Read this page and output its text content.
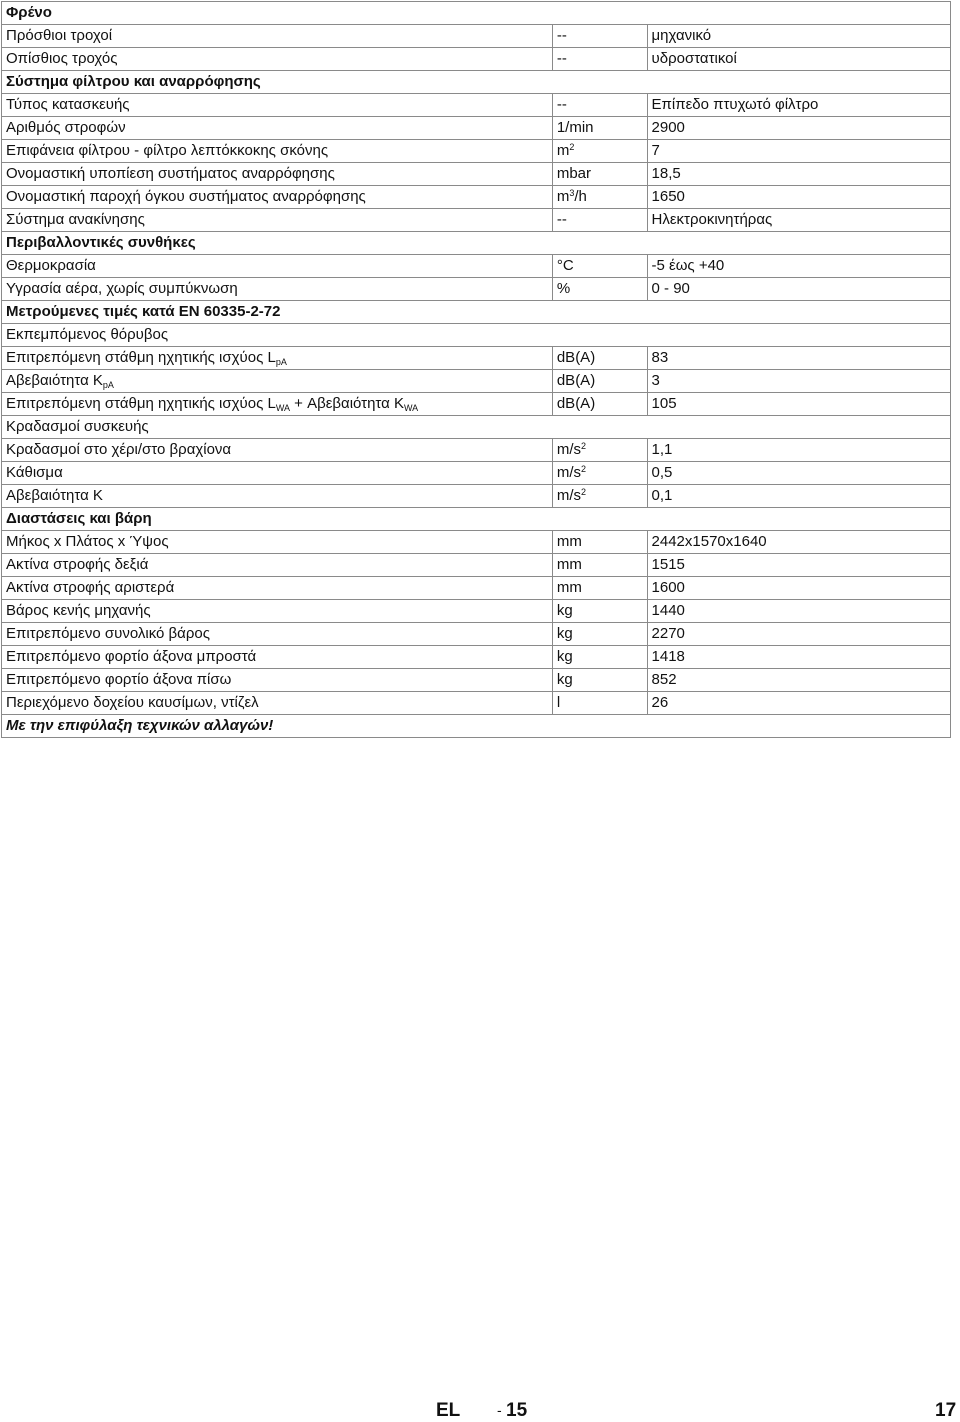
Φρένο		
Πρόσθιοι τροχοί	--	μηχανικό
Οπίσθιος τροχός	--	υδροστατικοί
Σύστημα φίλτρου και αναρρόφησης		
Τύπος κατασκευής	--	Επίπεδο πτυχωτό φίλτρο
Αριθμός στροφών	1/min	2900
Επιφάνεια φίλτρου - φίλτρο λεπτόκκοκης σκόνης	$m^2$	7
Ονομαστική υποπίεση συστήματος αναρρόφησης	mbar	18,5
Ονομαστική παροχή όγκου συστήματος αναρρόφησης	$m^3/h$	1650
Σύστημα ανακίνησης	--	Ηλεκτροκινητήρας
Περιβαλλοντικές συνθήκες		
Θερμοκρασία	°C	-5 έως +40
Υγρασία αέρα, χωρίς συμπύκνωση	%	0 - 90
Μετρούμενες τιμές κατά EN 60335-2-72		
Εκπεμπόμενος θόρυβος		
Επιτρεπόμενη στάθμη ηχητικής ισχύος $L_{pA}$	dB(A)	83
Αβεβαιότητα $K_{pA}$	dB(A)	3
Επιτρεπόμενη στάθμη ηχητικής ισχύος $L_{WA} + A\beta\varepsilon\beta\alpha\iota ό\tau\eta\tau\alpha$ $K_{WA}$	dB(A)	105
Κραδασμοί συσκευής		
Κραδασμοί στο χέρι/στο βραχίονα	$m/s^2$	1,1
Κάθισμα	$m/s^2$	0,5
Αβεβαιότητα K	$m/s^2$	0,1
Διαστάσεις και βάρη		
Μήκος x Πλάτος x Ύψος	mm	2442x1570x1640
Ακτίνα στροφής δεξιά	mm	1515
Ακτίνα στροφής αριστερά	mm	1600
Βάρος κενής μηχανής	kg	1440
Επιτρεπόμενο συνολικό βάρος	kg	2270
Επιτρεπόμενο φορτίο άξονα μπροστά	kg	1418
Επιτρεπόμενο φορτίο άξονα πίσω	kg	852
Περιεχόμενο δοχείου καυσίμων, ντίζελ	l	26
Με την επιφύλαξη τεχνικών αλλαγών!		
EL	- 15	17
